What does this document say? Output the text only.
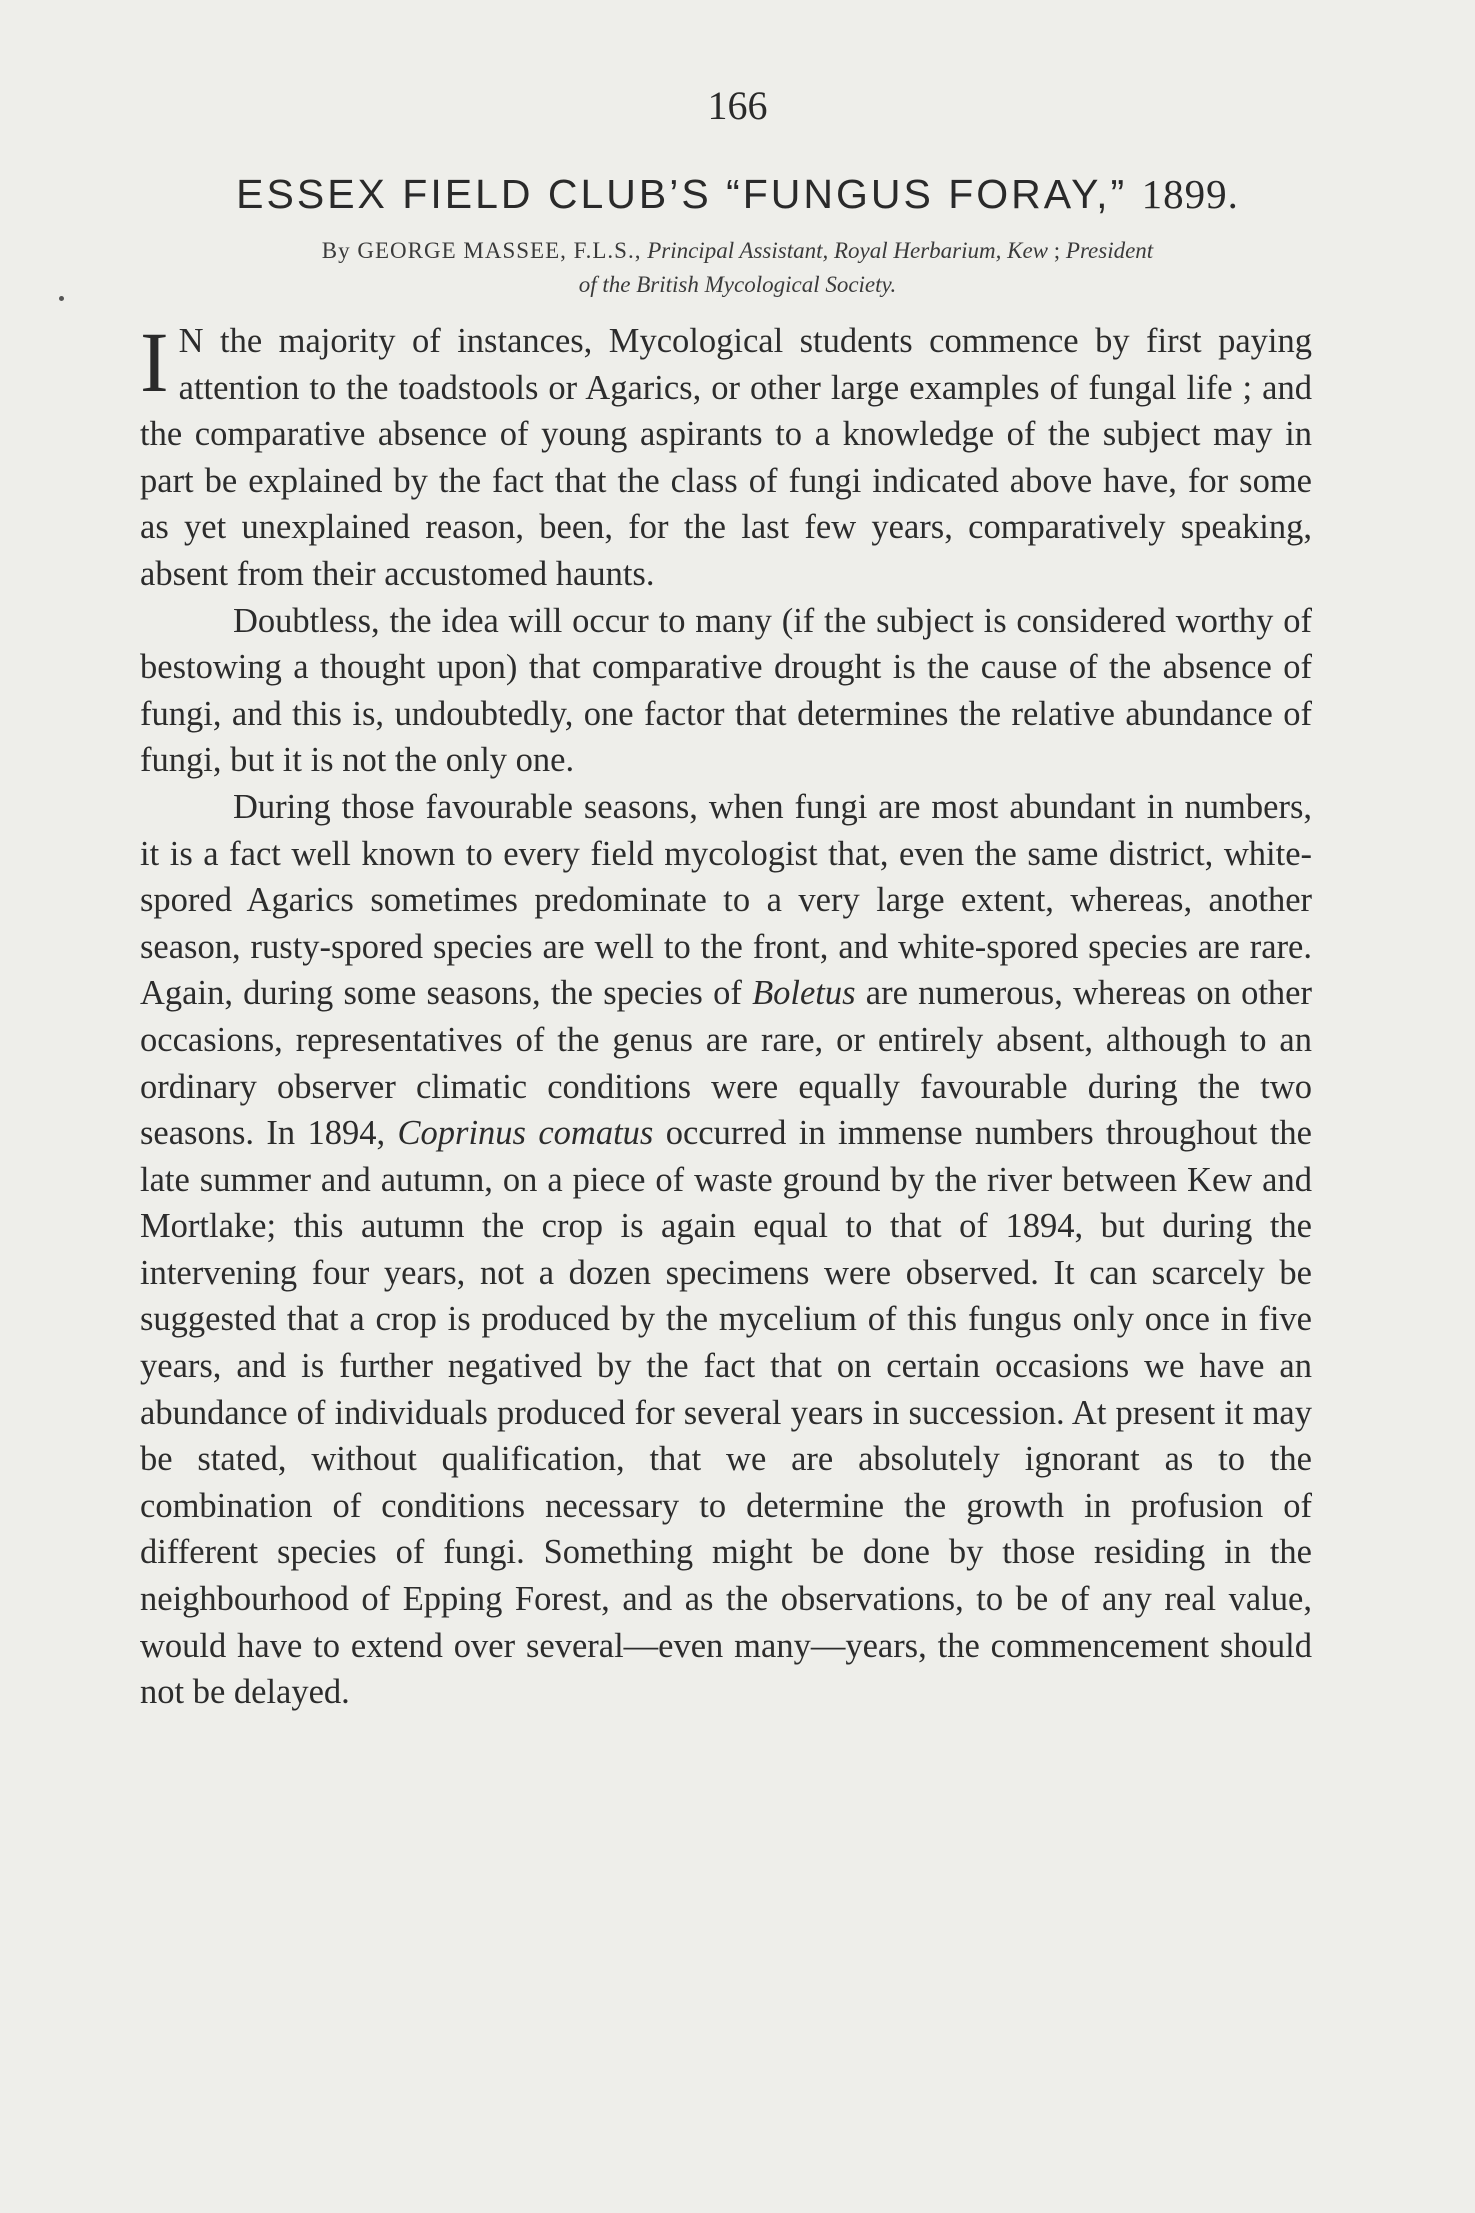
166
ESSEX FIELD CLUB’S “FUNGUS FORAY,” 1899.
By GEORGE MASSEE, F.L.S., Principal Assistant, Royal Herbarium, Kew ; President
of the British Mycological Society.

I N the majority of instances, Mycological students commence by first paying attention to the toadstools or Agarics, or other large examples of fungal life ; and the comparative absence of young aspirants to a knowledge of the subject may in part be explained by the fact that the class of fungi indicated above have, for some as yet unexplained reason, been, for the last few years, comparatively speaking, absent from their accustomed haunts.

Doubtless, the idea will occur to many (if the subject is considered worthy of bestowing a thought upon) that comparative drought is the cause of the absence of fungi, and this is, undoubtedly, one factor that determines the relative abundance of fungi, but it is not the only one.

During those favourable seasons, when fungi are most abundant in numbers, it is a fact well known to every field mycologist that, even the same district, white-spored Agarics sometimes predominate to a very large extent, whereas, another season, rusty-spored species are well to the front, and white-spored species are rare. Again, during some seasons, the species of Boletus are numerous, whereas on other occasions, representatives of the genus are rare, or entirely absent, although to an ordinary observer climatic conditions were equally favourable during the two seasons. In 1894, Coprinus comatus occurred in immense numbers throughout the late summer and autumn, on a piece of waste ground by the river between Kew and Mortlake; this autumn the crop is again equal to that of 1894, but during the intervening four years, not a dozen specimens were observed. It can scarcely be suggested that a crop is produced by the mycelium of this fungus only once in five years, and is further negatived by the fact that on certain occasions we have an abundance of individuals produced for several years in succession. At present it may be stated, without qualification, that we are absolutely ignorant as to the combination of conditions necessary to determine the growth in profusion of different species of fungi. Something might be done by those residing in the neighbourhood of Epping Forest, and as the observations, to be of any real value, would have to extend over several—even many—years, the commencement should not be delayed.
